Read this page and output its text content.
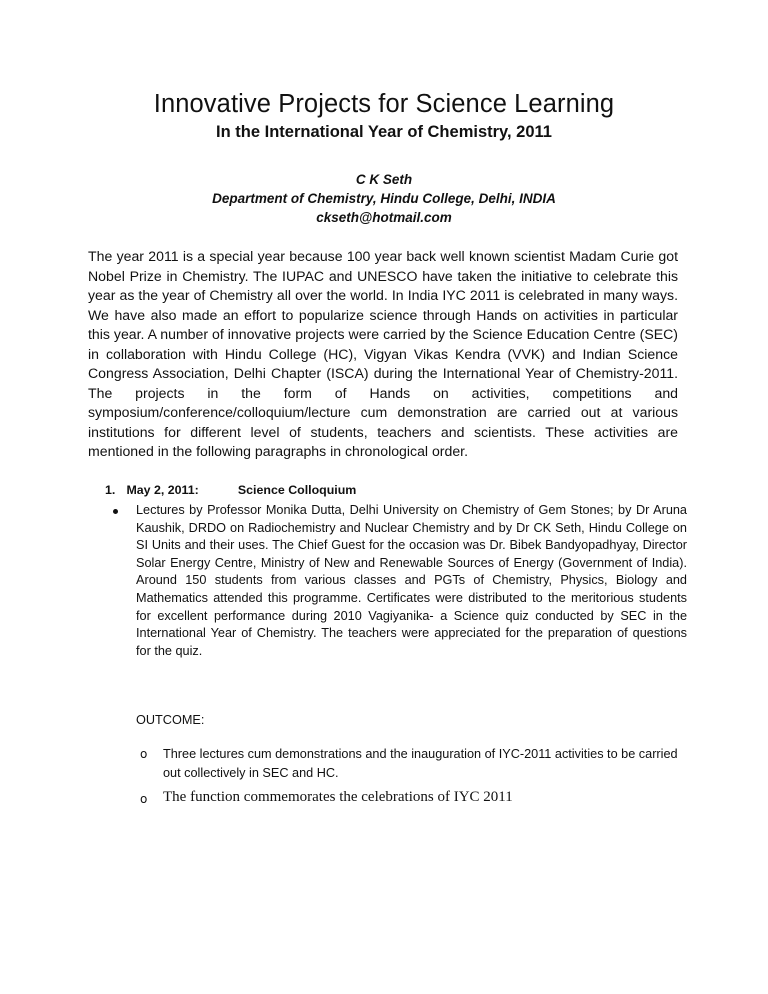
Innovative Projects for Science Learning
In the International Year of Chemistry, 2011
C K Seth
Department of Chemistry, Hindu College, Delhi, INDIA
ckseth@hotmail.com
The year 2011 is a special year because 100 year back well known scientist Madam Curie got Nobel Prize in Chemistry. The IUPAC and UNESCO have taken the initiative to celebrate this year as the year of Chemistry all over the world. In India IYC 2011 is celebrated in many ways. We have also made an effort to popularize science through Hands on activities in particular this year. A number of innovative projects were carried by the Science Education Centre (SEC) in collaboration with Hindu College (HC), Vigyan Vikas Kendra (VVK) and Indian Science Congress Association, Delhi Chapter (ISCA) during the International Year of Chemistry-2011. The projects in the form of Hands on activities, competitions and symposium/conference/colloquium/lecture cum demonstration are carried out at various institutions for different level of students, teachers and scientists. These activities are mentioned in the following paragraphs in chronological order.
1. May 2, 2011:	Science Colloquium
Lectures by Professor Monika Dutta, Delhi University on Chemistry of Gem Stones; by Dr Aruna Kaushik, DRDO on Radiochemistry and Nuclear Chemistry and by Dr CK Seth, Hindu College on SI Units and their uses. The Chief Guest for the occasion was Dr. Bibek Bandyopadhyay, Director Solar Energy Centre, Ministry of New and Renewable Sources of Energy (Government of India). Around 150 students from various classes and PGTs of Chemistry, Physics, Biology and Mathematics attended this programme. Certificates were distributed to the meritorious students for excellent performance during 2010 Vagiyanika- a Science quiz conducted by SEC in the International Year of Chemistry. The teachers were appreciated for the preparation of questions for the quiz.
OUTCOME:
o Three lectures cum demonstrations and the inauguration of IYC-2011 activities to be carried out collectively in SEC and HC.
o The function commemorates the celebrations of IYC 2011
